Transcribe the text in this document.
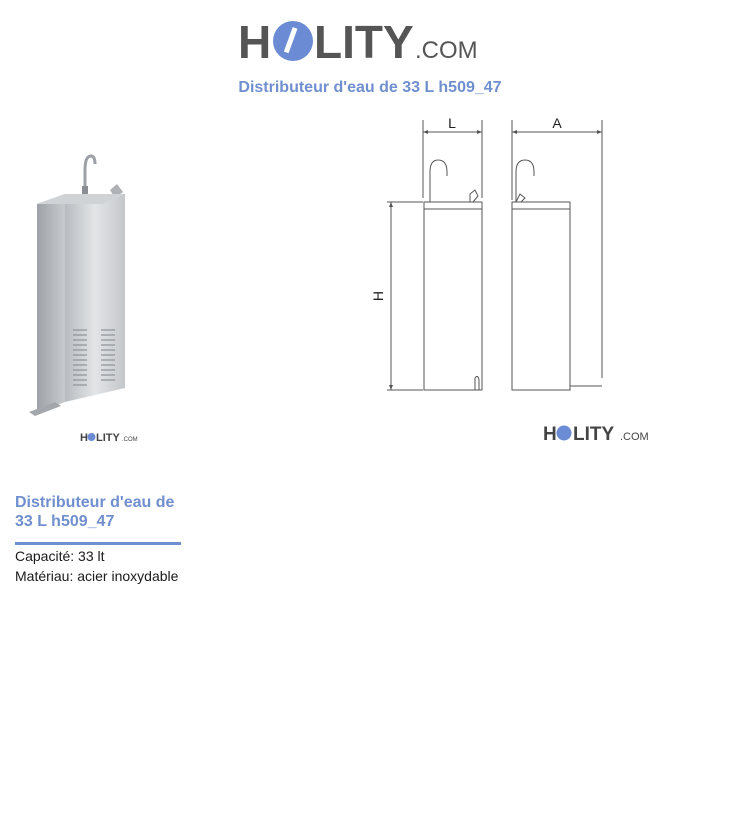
H LITY .COM
Distributeur d'eau de 33 L h509_47
H LITY .COM
L	A
H
H LITY .COM
Distributeur d'eau de
33 L h509_47
Capacité: 33 lt
Matériau: acier inoxydable
